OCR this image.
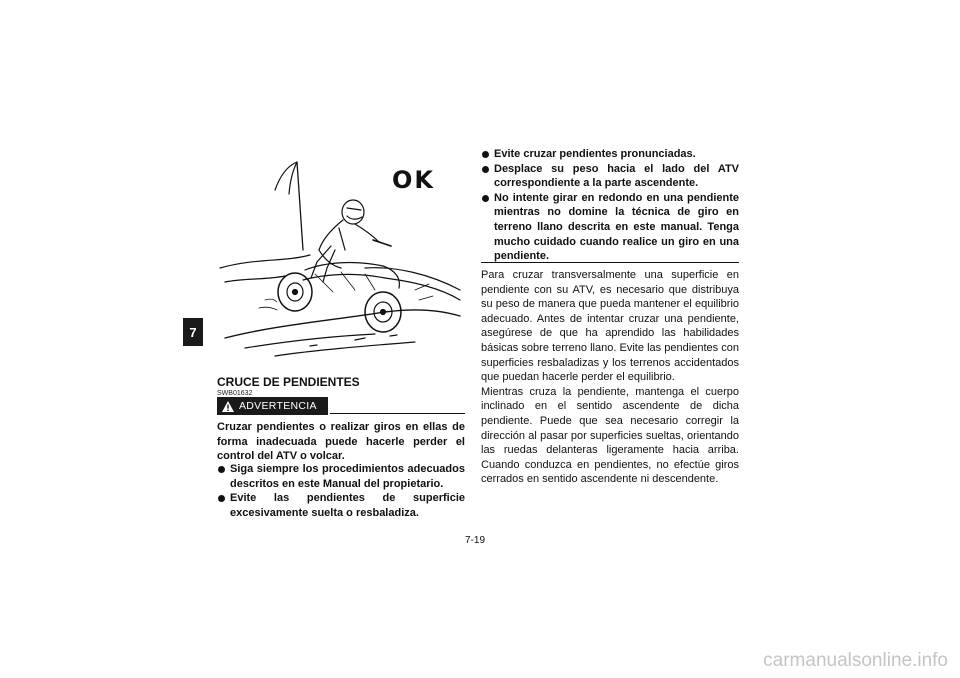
7
OK
CRUCE DE PENDIENTES
SWB01632
ADVERTENCIA
Cruzar pendientes o realizar giros en ellas de forma inadecuada puede hacerle perder el control del ATV o volcar.
Siga siempre los procedimientos adecuados descritos en este Manual del propietario.
Evite las pendientes de superficie excesivamente suelta o resbaladiza.
Evite cruzar pendientes pronunciadas.
Desplace su peso hacia el lado del ATV correspondiente a la parte ascendente.
No intente girar en redondo en una pendiente mientras no domine la técnica de giro en terreno llano descrita en este manual. Tenga mucho cuidado cuando realice un giro en una pendiente.

Para cruzar transversalmente una superficie en pendiente con su ATV, es necesario que distribuya su peso de manera que pueda mantener el equilibrio adecuado. Antes de intentar cruzar una pendiente, asegúrese de que ha aprendido las habilidades básicas sobre terreno llano. Evite las pendientes con superficies resbaladizas y los terrenos accidentados que puedan hacerle perder el equilibrio.

Mientras cruza la pendiente, mantenga el cuerpo inclinado en el sentido ascendente de dicha pendiente. Puede que sea necesario corregir la dirección al pasar por superficies sueltas, orientando las ruedas delanteras ligeramente hacia arriba. Cuando conduzca en pendientes, no efectúe giros cerrados en sentido ascendente ni descendente.

7-19
carmanualsonline.info
